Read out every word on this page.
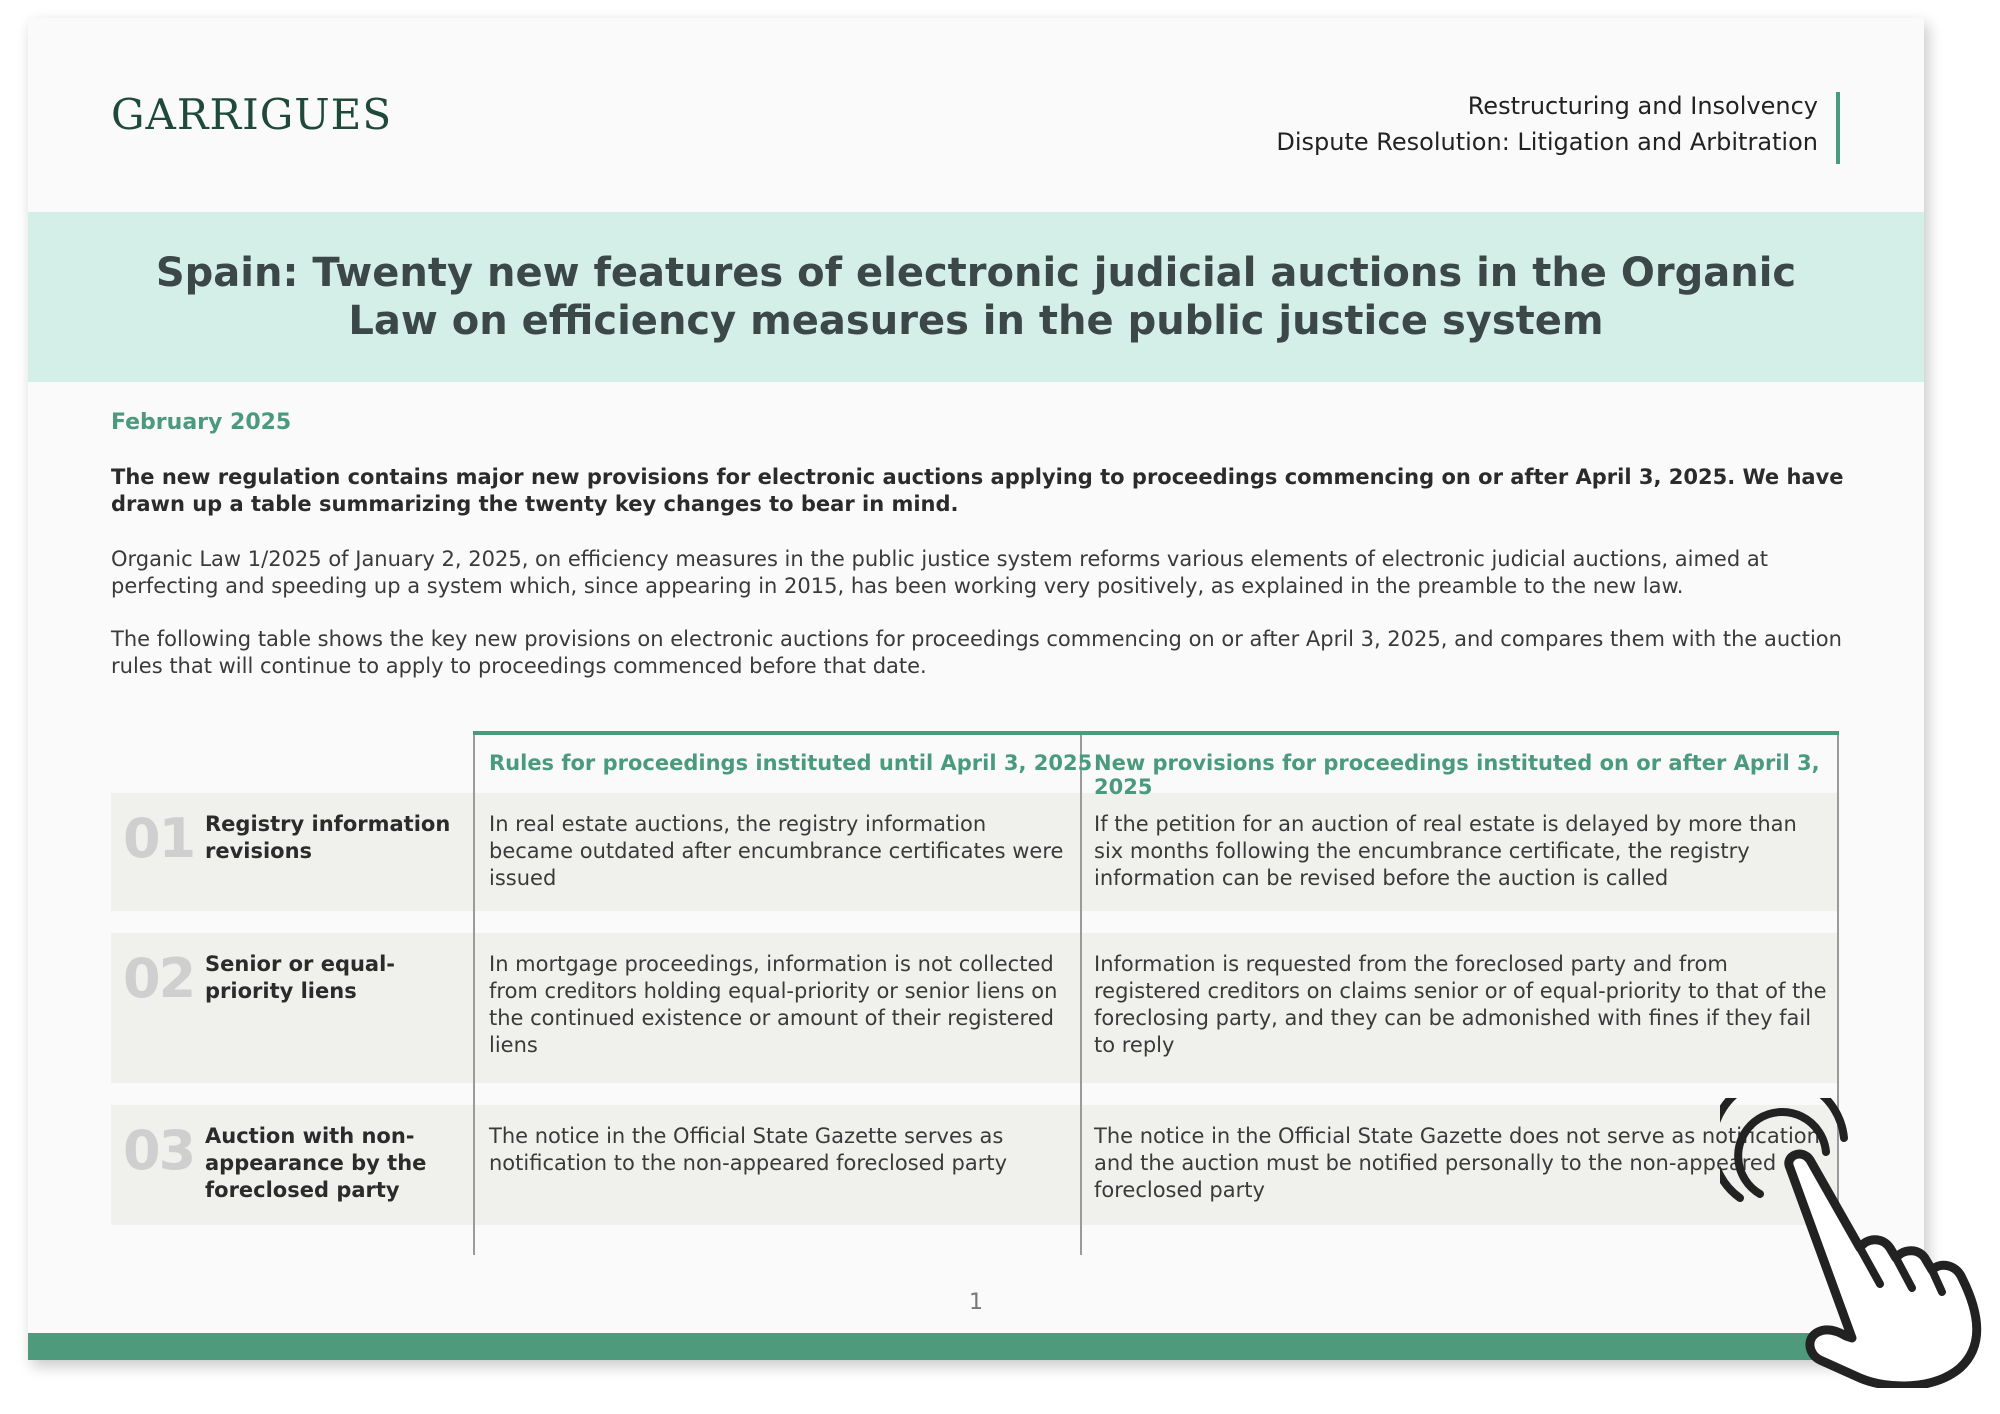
GARRIGUES	Restructuring and Insolvency
Dispute Resolution: Litigation and Arbitration
Spain: Twenty new features of electronic judicial auctions in the Organic Law on efficiency measures in the public justice system
February 2025
The new regulation contains major new provisions for electronic auctions applying to proceedings commencing on or after April 3, 2025. We have drawn up a table summarizing the twenty key changes to bear in mind.
Organic Law 1/2025 of January 2, 2025, on efficiency measures in the public justice system reforms various elements of electronic judicial auctions, aimed at perfecting and speeding up a system which, since appearing in 2015, has been working very positively, as explained in the preamble to the new law.
The following table shows the key new provisions on electronic auctions for proceedings commencing on or after April 3, 2025, and compares them with the auction rules that will continue to apply to proceedings commenced before that date.
01 Registry information revisions
In real estate auctions, the registry information became outdated after encumbrance certificates were issued
If the petition for an auction of real estate is delayed by more than six months following the encumbrance certificate, the registry information can be revised before the auction is called
02 Senior or equal-priority liens
In mortgage proceedings, information is not collected from creditors holding equal-priority or senior liens on the continued existence or amount of their registered liens
Information is requested from the foreclosed party and from registered creditors on claims senior or of equal-priority to that of the foreclosing party, and they can be admonished with fines if they fail to reply
03 Auction with non-appearance by the foreclosed party
The notice in the Official State Gazette serves as notification to the non-appeared foreclosed party
The notice in the Official State Gazette does not serve as notification and the auction must be notified personally to the non-appeared foreclosed party
Rules for proceedings instituted until April 3, 2025 New provisions for proceedings instituted on or after April 3, 2025
1
